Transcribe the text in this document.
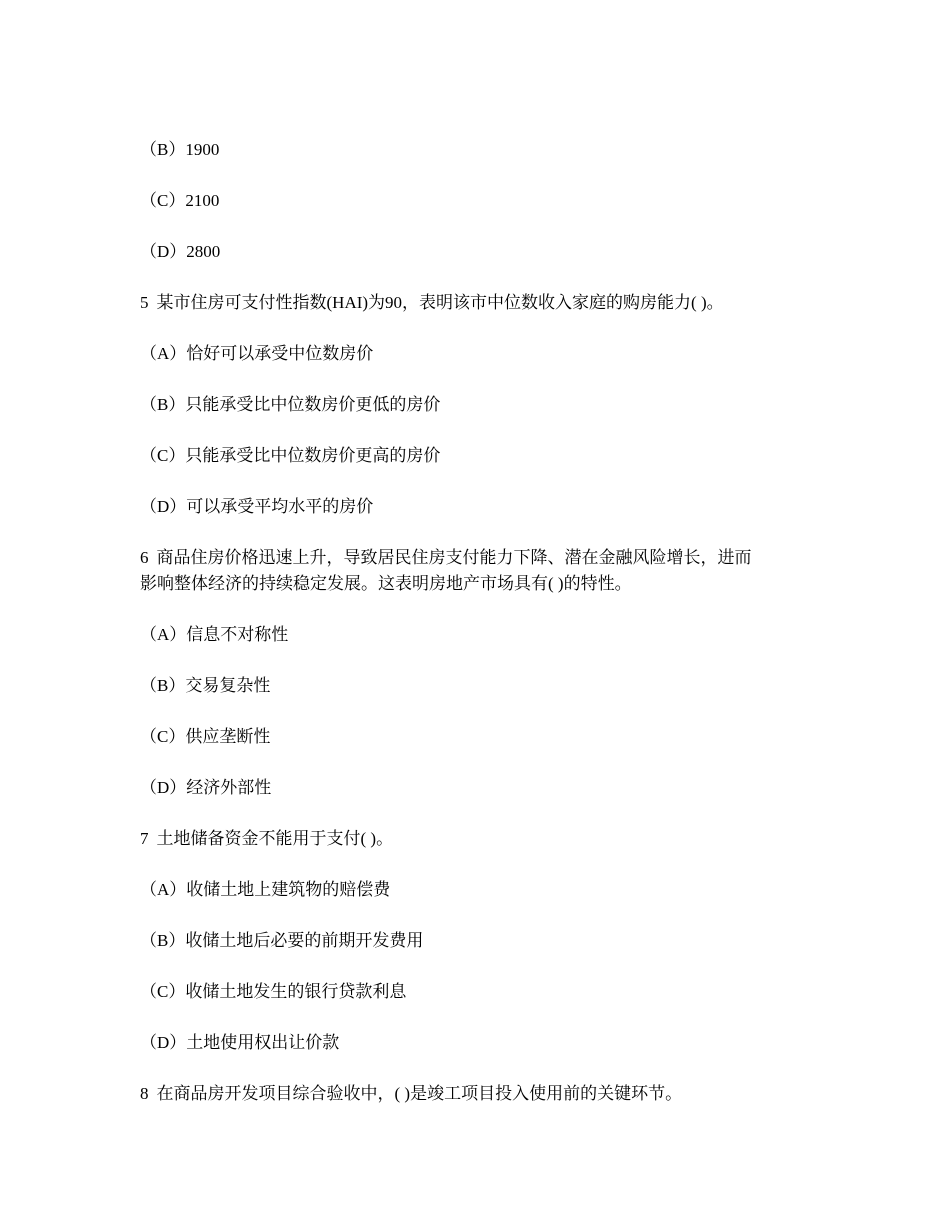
（B）1900
（C）2100
（D）2800
5 某市住房可支付性指数(HAI)为90，表明该市中位数收入家庭的购房能力( )。
（A）恰好可以承受中位数房价
（B）只能承受比中位数房价更低的房价
（C）只能承受比中位数房价更高的房价
（D）可以承受平均水平的房价
6 商品住房价格迅速上升，导致居民住房支付能力下降、潜在金融风险增长，进而
影响整体经济的持续稳定发展。这表明房地产市场具有( )的特性。
（A）信息不对称性
（B）交易复杂性
（C）供应垄断性
（D）经济外部性
7 土地储备资金不能用于支付( )。
（A）收储土地上建筑物的赔偿费
（B）收储土地后必要的前期开发费用
（C）收储土地发生的银行贷款利息
（D）土地使用权出让价款
8 在商品房开发项目综合验收中，( )是竣工项目投入使用前的关键环节。
